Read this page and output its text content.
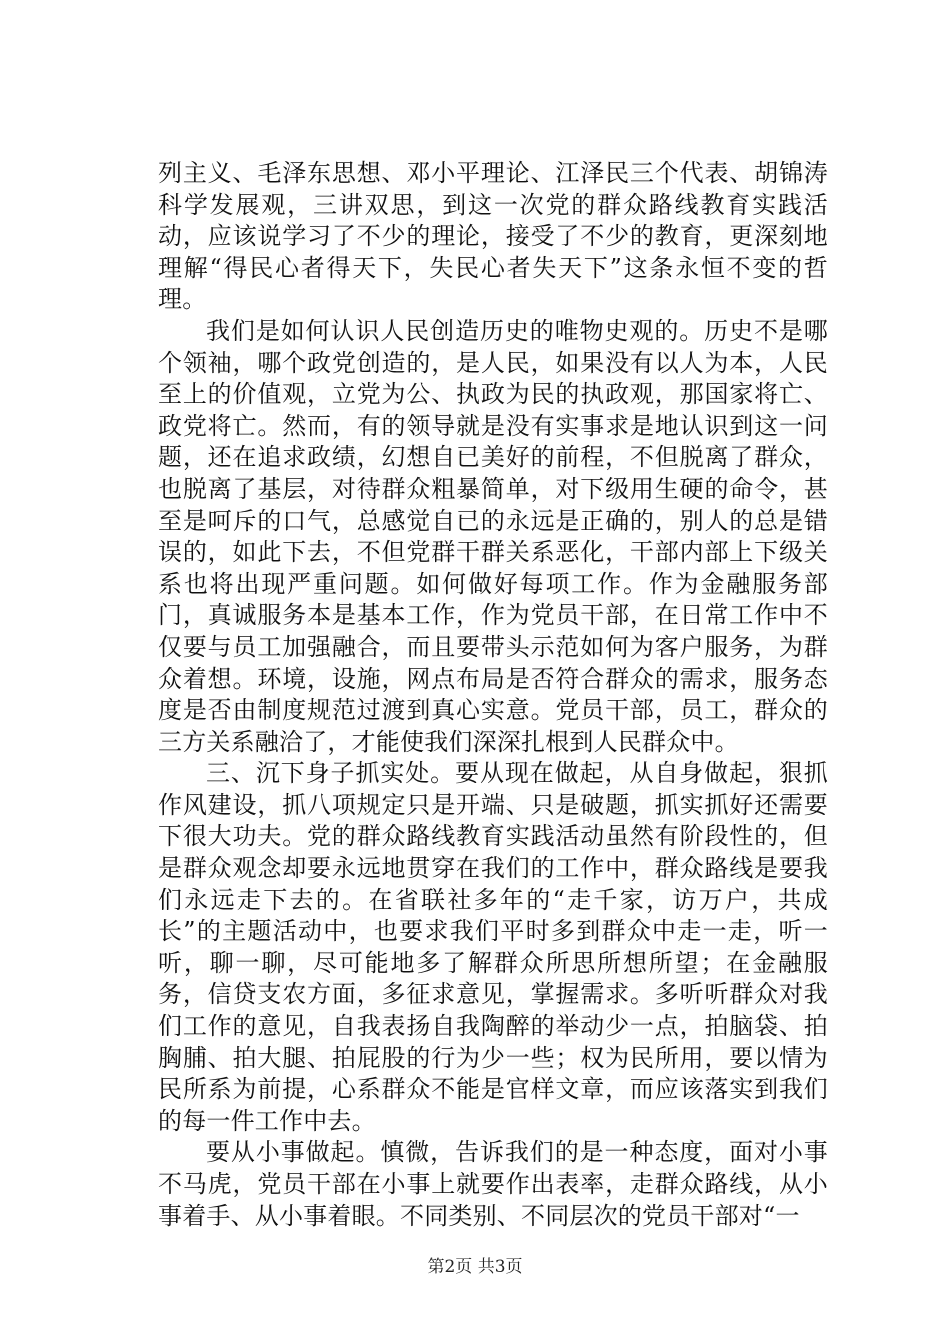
列主义、毛泽东思想、邓小平理论、江泽民三个代表、胡锦涛科学发展观，三讲双思，到这一次党的群众路线教育实践活动，应该说学习了不少的理论，接受了不少的教育，更深刻地理解“得民心者得天下，失民心者失天下”这条永恒不变的哲理。

我们是如何认识人民创造历史的唯物史观的。历史不是哪个领袖，哪个政党创造的，是人民，如果没有以人为本，人民至上的价值观，立党为公、执政为民的执政观，那国家将亡、政党将亡。然而，有的领导就是没有实事求是地认识到这一问题，还在追求政绩，幻想自已美好的前程，不但脱离了群众，也脱离了基层，对待群众粗暴简单，对下级用生硬的命令，甚至是呵斥的口气，总感觉自已的永远是正确的，别人的总是错误的，如此下去，不但党群干群关系恶化，干部内部上下级关系也将出现严重问题。如何做好每项工作。作为金融服务部门，真诚服务本是基本工作，作为党员干部，在日常工作中不仅要与员工加强融合，而且要带头示范如何为客户服务，为群众着想。环境，设施，网点布局是否符合群众的需求，服务态度是否由制度规范过渡到真心实意。党员干部，员工，群众的三方关系融洽了，才能使我们深深扎根到人民群众中。

三、沉下身子抓实处。要从现在做起，从自身做起，狠抓作风建设，抓八项规定只是开端、只是破题，抓实抓好还需要下很大功夫。党的群众路线教育实践活动虽然有阶段性的，但是群众观念却要永远地贯穿在我们的工作中，群众路线是要我们永远走下去的。在省联社多年的“走千家，访万户，共成长”的主题活动中，也要求我们平时多到群众中走一走，听一听，聊一聊，尽可能地多了解群众所思所想所望；在金融服务，信贷支农方面，多征求意见，掌握需求。多听听群众对我们工作的意见，自我表扬自我陶醉的举动少一点，拍脑袋、拍胸脯、拍大腿、拍屁股的行为少一些；权为民所用，要以情为民所系为前提，心系群众不能是官样文章，而应该落实到我们的每一件工作中去。

要从小事做起。慎微，告诉我们的是一种态度，面对小事不马虎，党员干部在小事上就要作出表率，走群众路线，从小事着手、从小事着眼。不同类别、不同层次的党员干部对“一

第2页 共3页
